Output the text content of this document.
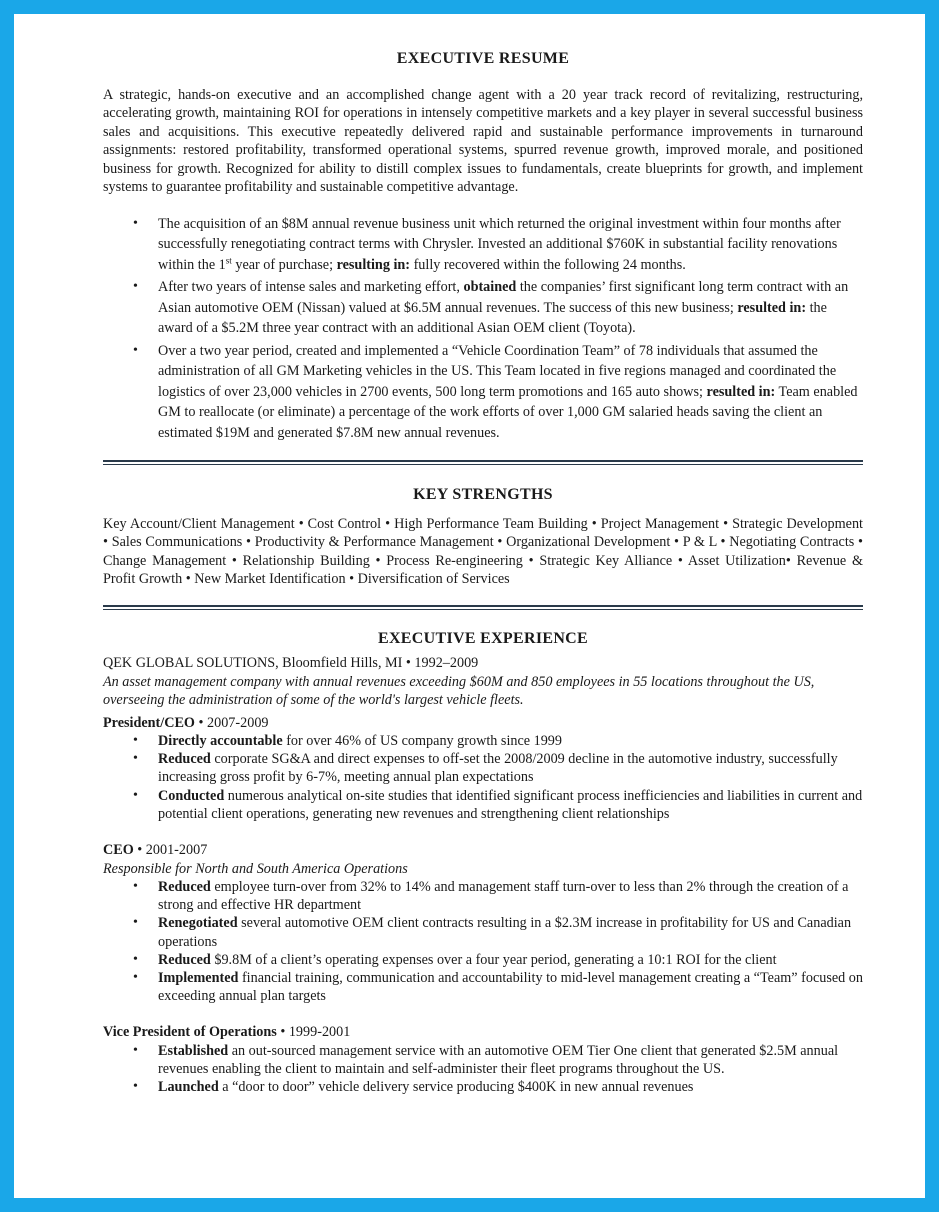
EXECUTIVE RESUME

A strategic, hands-on executive and an accomplished change agent with a 20 year track record of revitalizing, restructuring, accelerating growth, maintaining ROI for operations in intensely competitive markets and a key player in several successful business sales and acquisitions. This executive repeatedly delivered rapid and sustainable performance improvements in turnaround assignments: restored profitability, transformed operational systems, spurred revenue growth, improved morale, and positioned business for growth. Recognized for ability to distill complex issues to fundamentals, create blueprints for growth, and implement systems to guarantee profitability and sustainable competitive advantage.

• The acquisition of an $8M annual revenue business unit which returned the original investment within four months after successfully renegotiating contract terms with Chrysler. Invested an additional $760K in substantial facility renovations within the 1st year of purchase; resulting in: fully recovered within the following 24 months.
• After two years of intense sales and marketing effort, obtained the companies’ first significant long term contract with an Asian automotive OEM (Nissan) valued at $6.5M annual revenues. The success of this new business; resulted in: the award of a $5.2M three year contract with an additional Asian OEM client (Toyota).
• Over a two year period, created and implemented a “Vehicle Coordination Team” of 78 individuals that assumed the administration of all GM Marketing vehicles in the US. This Team located in five regions managed and coordinated the logistics of over 23,000 vehicles in 2700 events, 500 long term promotions and 165 auto shows; resulted in: Team enabled GM to reallocate (or eliminate) a percentage of the work efforts of over 1,000 GM salaried heads saving the client an estimated $19M and generated $7.8M new annual revenues.
KEY STRENGTHS

Key Account/Client Management • Cost Control • High Performance Team Building • Project Management • Strategic Development • Sales Communications • Productivity & Performance Management • Organizational Development • P & L • Negotiating Contracts • Change Management • Relationship Building • Process Re-engineering • Strategic Key Alliance • Asset Utilization• Revenue & Profit Growth • New Market Identification • Diversification of Services

EXECUTIVE EXPERIENCE

QEK GLOBAL SOLUTIONS, Bloomfield Hills, MI • 1992–2009

An asset management company with annual revenues exceeding $60M and 850 employees in 55 locations throughout the US, overseeing the administration of some of the world's largest vehicle fleets.

President/CEO • 2007-2009

• Directly accountable for over 46% of US company growth since 1999
• Reduced corporate SG&A and direct expenses to off-set the 2008/2009 decline in the automotive industry, successfully increasing gross profit by 6-7%, meeting annual plan expectations
• Conducted numerous analytical on-site studies that identified significant process inefficiencies and liabilities in current and potential client operations, generating new revenues and strengthening client relationships

CEO • 2001-2007

Responsible for North and South America Operations

• Reduced employee turn-over from 32% to 14% and management staff turn-over to less than 2% through the creation of a strong and effective HR department
• Renegotiated several automotive OEM client contracts resulting in a $2.3M increase in profitability for US and Canadian operations
• Reduced $9.8M of a client’s operating expenses over a four year period, generating a 10:1 ROI for the client
• Implemented financial training, communication and accountability to mid-level management creating a “Team” focused on exceeding annual plan targets

Vice President of Operations • 1999-2001

• Established an out-sourced management service with an automotive OEM Tier One client that generated $2.5M annual revenues enabling the client to maintain and self-administer their fleet programs throughout the US.
• Launched a “door to door” vehicle delivery service producing $400K in new annual revenues
